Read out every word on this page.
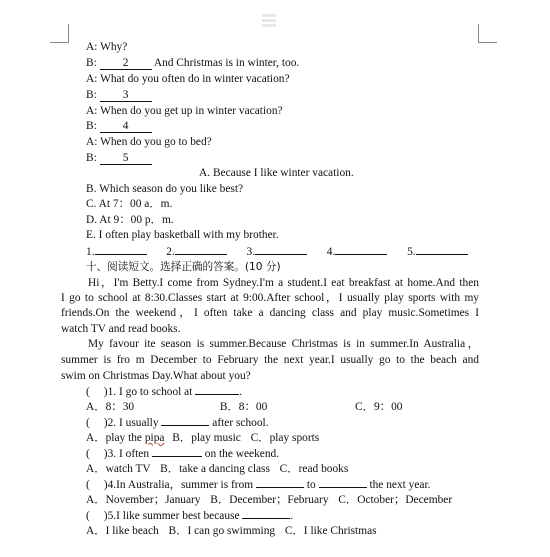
A: Why?
B: 2 And Christmas is in winter, too.
A: What do you often do in winter vacation?
B: 3
A: When do you get up in winter vacation?
B: 4
A: When do you go to bed?
B: 5
A. Because I like winter vacation.
B. Which season do you like best?
C. At 7：00 a．m.
D. At 9：00 p．m.
E. I often play basketball with my brother.
1.	2.	3.	4.	5.
十、阅读短文。选择正确的答案。(10 分)
Hi，I'm Betty.I come from Sydney.I'm a student.I eat breakfast at home.And then
I go to school at 8:30.Classes start at 9:00.After school，I usually play sports with my
friends.On the weekend，I often take a dancing class and play music.Sometimes I
watch TV and read books.
My favour ite season is summer.Because Christmas is in summer.In Australia，
summer is fro m December to February the next year.I usually go to the beach and
swim on Christmas Day.What about you?
( )1. I go to school at	.
A．8：30	B．8：00	C．9：00
( )2. I usually	after school.
A．play the pipa B．play music C．play sports
( )3. I often	on the weekend.
A．watch TV B．take a dancing class C．read books
( )4.In Australia，summer is from	to	the next year.
A．November；January B．December；February C．October；December
( )5.I like summer best because	.
A．I like beach B．I can go swimming C．I like Christmas
